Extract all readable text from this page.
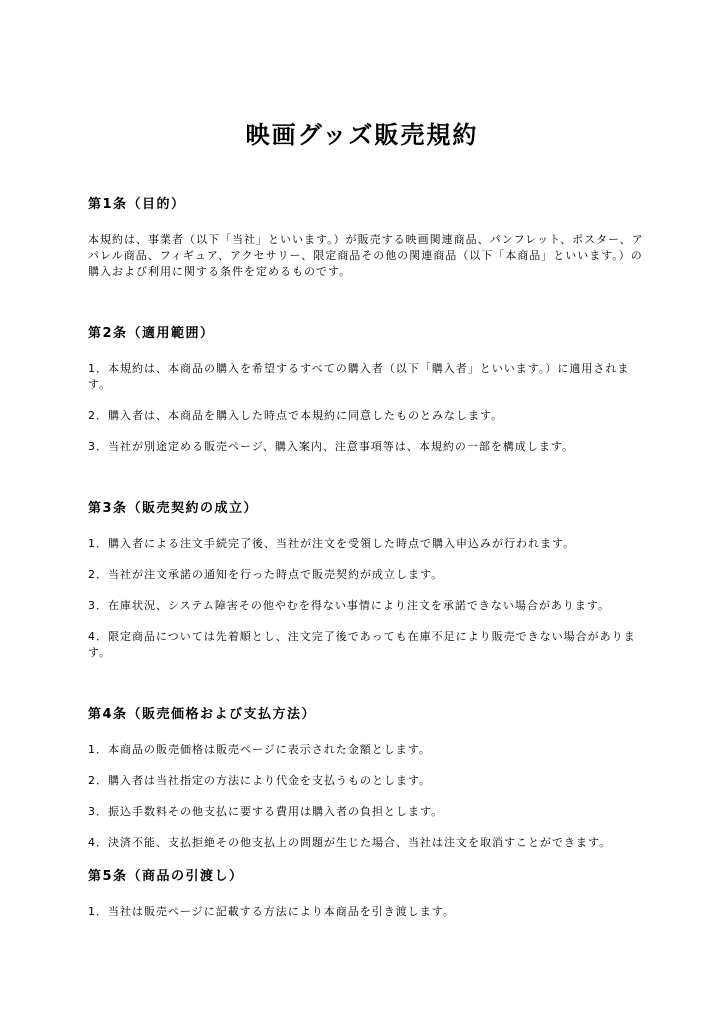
映画グッズ販売規約
第1条（目的）

本規約は、事業者（以下「当社」といいます。）が販売する映画関連商品、パンフレット、ポスター、アパレル商品、フィギュア、アクセサリー、限定商品その他の関連商品（以下「本商品」といいます。）の購入および利用に関する条件を定めるものです。

第2条（適用範囲）

1．本規約は、本商品の購入を希望するすべての購入者（以下「購入者」といいます。）に適用されます。

2．購入者は、本商品を購入した時点で本規約に同意したものとみなします。

3．当社が別途定める販売ページ、購入案内、注意事項等は、本規約の一部を構成します。

第3条（販売契約の成立）

1．購入者による注文手続完了後、当社が注文を受領した時点で購入申込みが行われます。

2．当社が注文承諾の通知を行った時点で販売契約が成立します。

3．在庫状況、システム障害その他やむを得ない事情により注文を承諾できない場合があります。

4．限定商品については先着順とし、注文完了後であっても在庫不足により販売できない場合があります。

第4条（販売価格および支払方法）

1．本商品の販売価格は販売ページに表示された金額とします。

2．購入者は当社指定の方法により代金を支払うものとします。

3．振込手数料その他支払に要する費用は購入者の負担とします。

4．決済不能、支払拒絶その他支払上の問題が生じた場合、当社は注文を取消すことができます。

第5条（商品の引渡し）

1．当社は販売ページに記載する方法により本商品を引き渡します。
